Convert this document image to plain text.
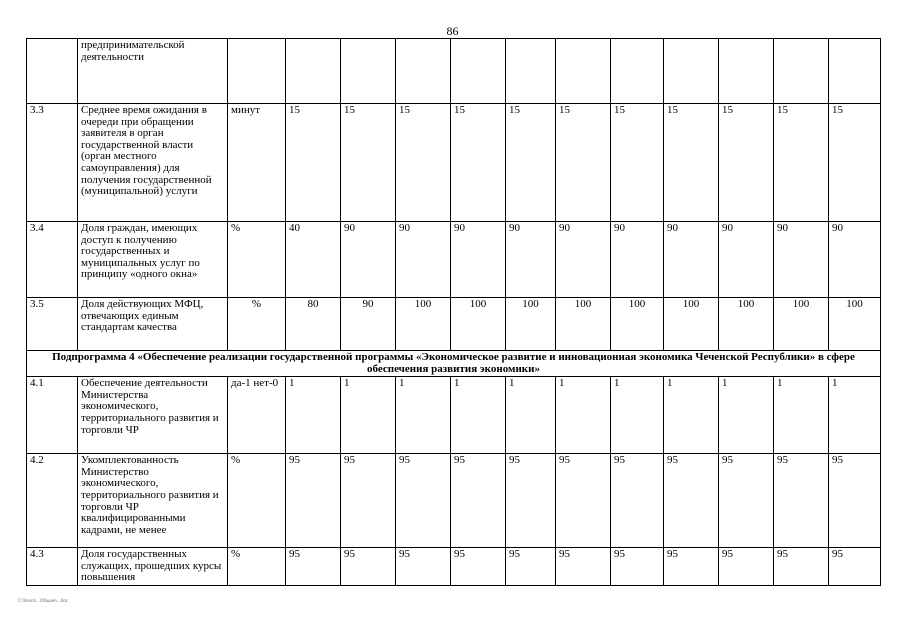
86
	предпринимательской деятельности												
3.3	Среднее время ожидания в очереди при обращении заявителя в орган государственной власти (орган местного самоуправления) для получения государственной (муниципальной) услуги	минут	15	15	15	15	15	15	15	15	15	15	15
3.4	Доля граждан, имеющих доступ к получению государственных и муниципальных услуг по принципу «одного окна»	%	40	90	90	90	90	90	90	90	90	90	90
3.5	Доля действующих МФЦ, отвечающих единым стандартам качества	%	80	90	100	100	100	100	100	100	100	100	100
Подпрограмма 4 «Обеспечение реализации государственной программы «Экономическое развитие и инновационная экономика Чеченской Республики» в сфере обеспечения развития экономики»													
4.1	Обеспечение деятельности Министерства экономического, территориального развития и торговли ЧР	да-1 нет-0	1	1	1	1	1	1	1	1	1	1	1
4.2	Укомплектованность Министерство экономического, территориального развития и торговли ЧР квалифицированными кадрами, не менее	%	95	95	95	95	95	95	95	95	95	95	95
4.3	Доля государственных служащих, прошедших курсы повышения	%	95	95	95	95	95	95	95	95	95	95	95
C:\Users\...\Общее\...doc
